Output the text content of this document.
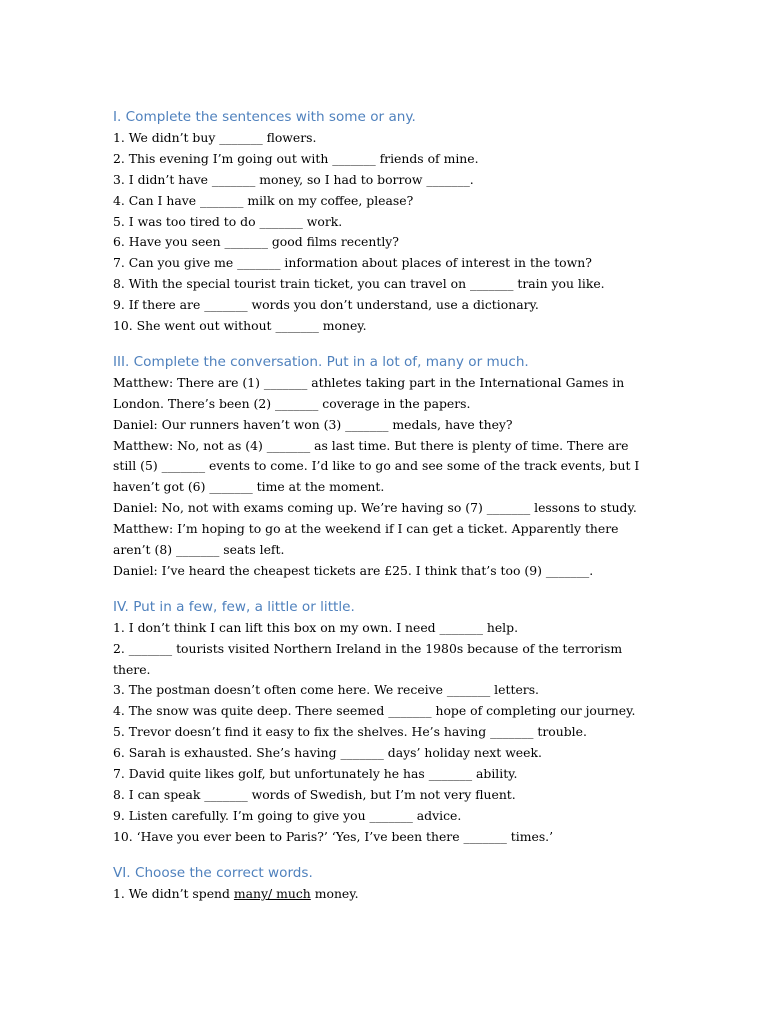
I. Complete the sentences with some or any.
1. We didn’t buy _______ flowers.
2. This evening I’m going out with _______ friends of mine.
3. I didn’t have _______ money, so I had to borrow _______.
4. Can I have _______ milk on my coffee, please?
5. I was too tired to do _______ work.
6. Have you seen _______ good films recently?
7. Can you give me _______ information about places of interest in the town?
8. With the special tourist train ticket, you can travel on _______ train you like.
9. If there are _______ words you don’t understand, use a dictionary.
10. She went out without _______ money.
III. Complete the conversation. Put in a lot of, many or much.
Matthew: There are (1) _______ athletes taking part in the International Games in
London. There’s been (2) _______ coverage in the papers.
Daniel: Our runners haven’t won (3) _______ medals, have they?
Matthew: No, not as (4) _______ as last time. But there is plenty of time. There are
still (5) _______ events to come. I’d like to go and see some of the track events, but I
haven’t got (6) _______ time at the moment.
Daniel: No, not with exams coming up. We’re having so (7) _______ lessons to study.
Matthew: I’m hoping to go at the weekend if I can get a ticket. Apparently there
aren’t (8) _______ seats left.
Daniel: I’ve heard the cheapest tickets are £25. I think that’s too (9) _______.
IV. Put in a few, few, a little or little.
1. I don’t think I can lift this box on my own. I need _______ help.
2. _______ tourists visited Northern Ireland in the 1980s because of the terrorism
there.
3. The postman doesn’t often come here. We receive _______ letters.
4. The snow was quite deep. There seemed _______ hope of completing our journey.
5. Trevor doesn’t find it easy to fix the shelves. He’s having _______ trouble.
6. Sarah is exhausted. She’s having _______ days’ holiday next week.
7. David quite likes golf, but unfortunately he has _______ ability.
8. I can speak _______ words of Swedish, but I’m not very fluent.
9. Listen carefully. I’m going to give you _______ advice.
10. ‘Have you ever been to Paris?’ ‘Yes, I’ve been there _______ times.’
VI. Choose the correct words.
1. We didn’t spend many/ much money.
